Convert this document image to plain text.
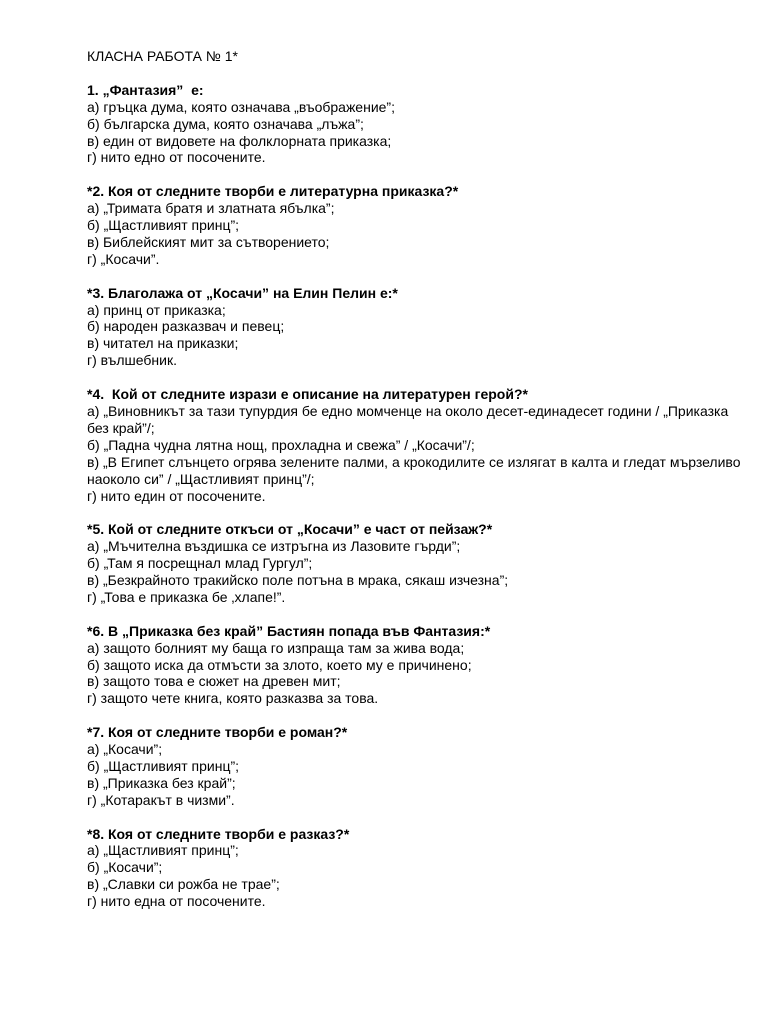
КЛАСНА РАБОТА № 1*
1. „Фантазия”  е:
а) гръцка дума, която означава „въображение”;
б) българска дума, която означава „лъжа”;
в) един от видовете на фолклорната приказка;
г) нито едно от посочените.
*2. Коя от следните творби е литературна приказка?*
а) „Тримата братя и златната ябълка”;
б) „Щастливият принц”;
в) Библейският мит за сътворението;
г) „Косачи”.
*3. Благолажа от „Косачи” на Елин Пелин е:*
а) принц от приказка;
б) народен разказвач и певец;
в) читател на приказки;
г) вълшебник.
*4.  Кой от следните изрази е описание на литературен герой?*
а) „Виновникът за тази тупурдия бе едно момченце на около десет-единадесет години / „Приказка без край”/;
б) „Падна чудна лятна нощ, прохладна и свежа” / „Косачи”/;
в) „В Египет слънцето огрява зелените палми, а крокодилите се излягат в калта и гледат мързеливо наоколо си” / „Щастливият принц”/;
г) нито един от посочените.
*5. Кой от следните откъси от „Косачи” е част от пейзаж?*
а) „Мъчителна въздишка се изтръгна из Лазовите гърди”;
б) „Там я посрещнал млад Гургул”;
в) „Безкрайното тракийско поле потъна в мрака, сякаш изчезна”;
г) „Това е приказка бе ‚хлапе!”.
*6. В „Приказка без край” Бастиян попада във Фантазия:*
а) защото болният му баща го изпраща там за жива вода;
б) защото иска да отмъсти за злото, което му е причинено;
в) защото това е сюжет на древен мит;
г) защото чете книга, която разказва за това.
*7. Коя от следните творби е роман?*
а) „Косачи”;
б) „Щастливият принц”;
в) „Приказка без край”;
г) „Котаракът в чизми”.
*8. Коя от следните творби е разказ?*
а) „Щастливият принц”;
б) „Косачи”;
в) „Славки си рожба не трае”;
г) нито една от посочените.
